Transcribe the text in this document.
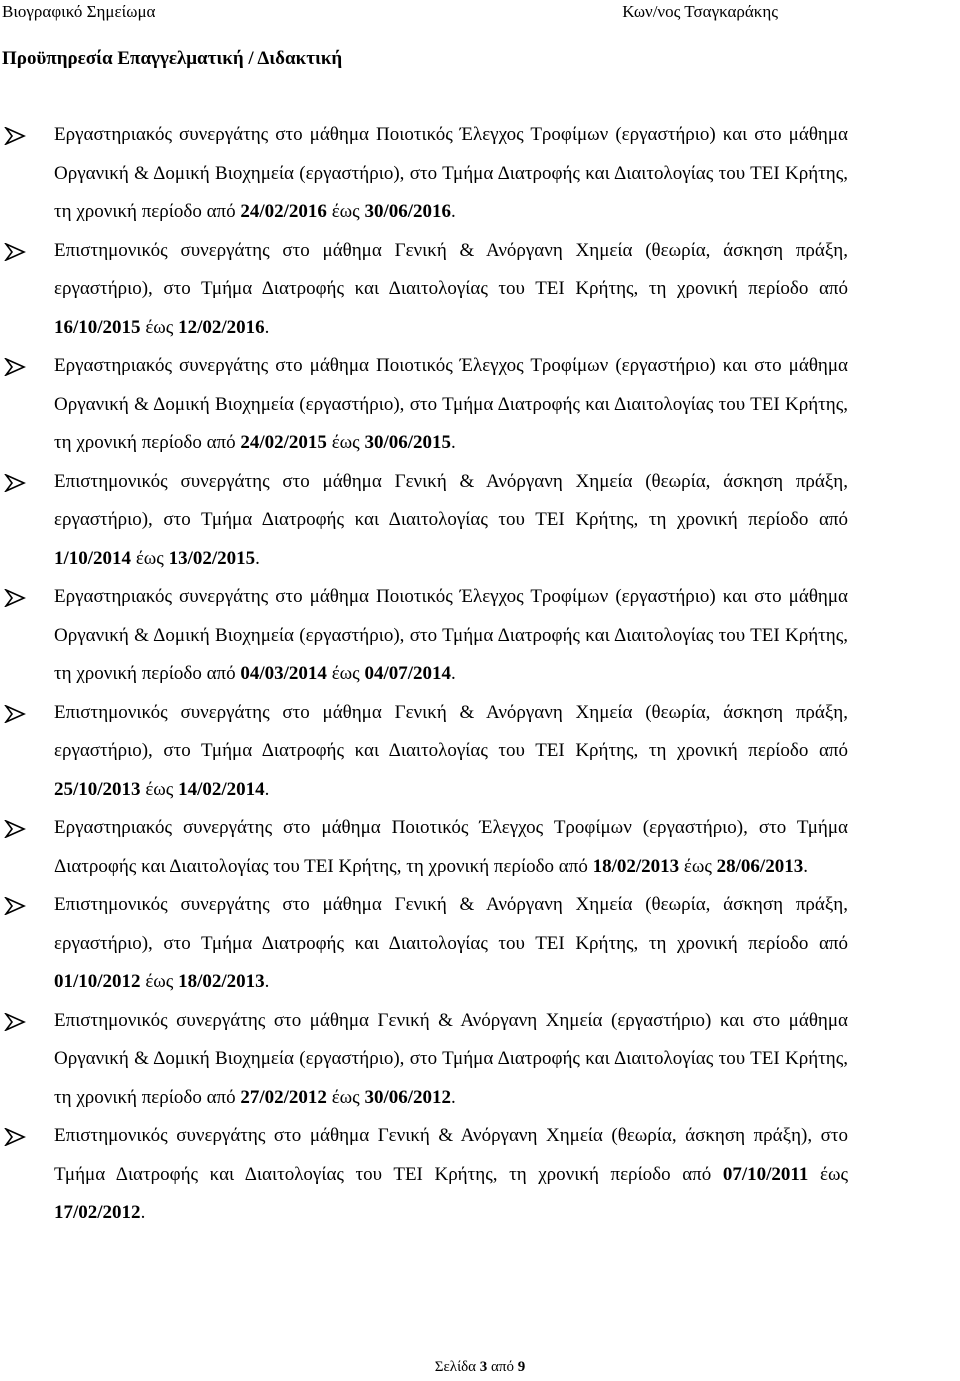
Βιογραφικό Σημείωμα	Κων/νος Τσαγκαράκης
Προϋπηρεσία Επαγγελματική / Διδακτική
Εργαστηριακός συνεργάτης στο μάθημα Ποιοτικός Έλεγχος Τροφίμων (εργαστήριο) και στο μάθημα Οργανική & Δομική Βιοχημεία (εργαστήριο), στο Τμήμα Διατροφής και Διαιτολογίας του ΤΕΙ Κρήτης, τη χρονική περίοδο από 24/02/2016 έως 30/06/2016.
Επιστημονικός συνεργάτης στο μάθημα Γενική & Ανόργανη Χημεία (θεωρία, άσκηση πράξη, εργαστήριο), στο Τμήμα Διατροφής και Διαιτολογίας του ΤΕΙ Κρήτης, τη χρονική περίοδο από 16/10/2015 έως 12/02/2016.
Εργαστηριακός συνεργάτης στο μάθημα Ποιοτικός Έλεγχος Τροφίμων (εργαστήριο) και στο μάθημα Οργανική & Δομική Βιοχημεία (εργαστήριο), στο Τμήμα Διατροφής και Διαιτολογίας του ΤΕΙ Κρήτης, τη χρονική περίοδο από 24/02/2015 έως 30/06/2015.
Επιστημονικός συνεργάτης στο μάθημα Γενική & Ανόργανη Χημεία (θεωρία, άσκηση πράξη, εργαστήριο), στο Τμήμα Διατροφής και Διαιτολογίας του ΤΕΙ Κρήτης, τη χρονική περίοδο από 1/10/2014 έως 13/02/2015.
Εργαστηριακός συνεργάτης στο μάθημα Ποιοτικός Έλεγχος Τροφίμων (εργαστήριο) και στο μάθημα Οργανική & Δομική Βιοχημεία (εργαστήριο), στο Τμήμα Διατροφής και Διαιτολογίας του ΤΕΙ Κρήτης, τη χρονική περίοδο από 04/03/2014 έως 04/07/2014.
Επιστημονικός συνεργάτης στο μάθημα Γενική & Ανόργανη Χημεία (θεωρία, άσκηση πράξη, εργαστήριο), στο Τμήμα Διατροφής και Διαιτολογίας του ΤΕΙ Κρήτης, τη χρονική περίοδο από 25/10/2013 έως 14/02/2014.
Εργαστηριακός συνεργάτης στο μάθημα Ποιοτικός Έλεγχος Τροφίμων (εργαστήριο), στο Τμήμα Διατροφής και Διαιτολογίας του ΤΕΙ Κρήτης, τη χρονική περίοδο από 18/02/2013 έως 28/06/2013.
Επιστημονικός συνεργάτης στο μάθημα Γενική & Ανόργανη Χημεία (θεωρία, άσκηση πράξη, εργαστήριο), στο Τμήμα Διατροφής και Διαιτολογίας του ΤΕΙ Κρήτης, τη χρονική περίοδο από 01/10/2012 έως 18/02/2013.
Επιστημονικός συνεργάτης στο μάθημα Γενική & Ανόργανη Χημεία (εργαστήριο) και στο μάθημα Οργανική & Δομική Βιοχημεία (εργαστήριο), στο Τμήμα Διατροφής και Διαιτολογίας του ΤΕΙ Κρήτης, τη χρονική περίοδο από 27/02/2012 έως 30/06/2012.
Επιστημονικός συνεργάτης στο μάθημα Γενική & Ανόργανη Χημεία (θεωρία, άσκηση πράξη), στο Τμήμα Διατροφής και Διαιτολογίας του ΤΕΙ Κρήτης, τη χρονική περίοδο από 07/10/2011 έως 17/02/2012.
Σελίδα 3 από 9
